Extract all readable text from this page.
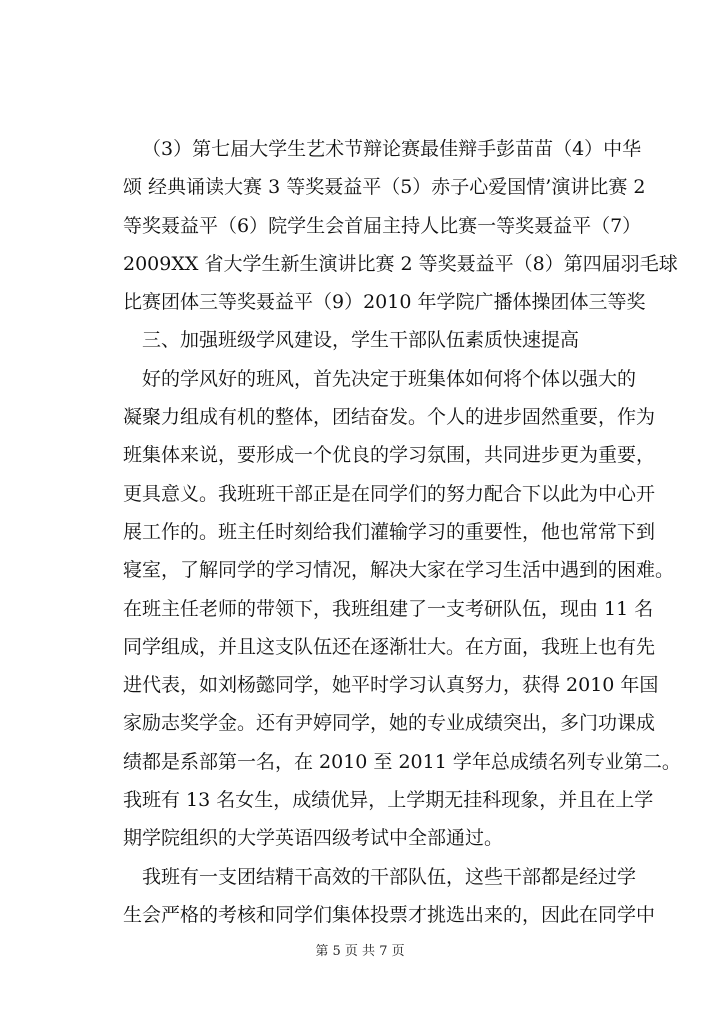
（3）第七届大学生艺术节辩论赛最佳辩手彭苗苗（4）中华
颂 经典诵读大赛 3 等奖聂益平（5）赤子心爱国情’演讲比赛 2
等奖聂益平（6）院学生会首届主持人比赛一等奖聂益平（7）
2009XX 省大学生新生演讲比赛 2 等奖聂益平（8）第四届羽毛球
比赛团体三等奖聂益平（9）2010 年学院广播体操团体三等奖
三、加强班级学风建设，学生干部队伍素质快速提高
好的学风好的班风，首先决定于班集体如何将个体以强大的
凝聚力组成有机的整体，团结奋发。个人的进步固然重要，作为
班集体来说，要形成一个优良的学习氛围，共同进步更为重要，
更具意义。我班班干部正是在同学们的努力配合下以此为中心开
展工作的。班主任时刻给我们灌输学习的重要性，他也常常下到
寝室，了解同学的学习情况，解决大家在学习生活中遇到的困难。
在班主任老师的带领下，我班组建了一支考研队伍，现由 11 名
同学组成，并且这支队伍还在逐渐壮大。在方面，我班上也有先
进代表，如刘杨懿同学，她平时学习认真努力，获得 2010 年国
家励志奖学金。还有尹婷同学，她的专业成绩突出，多门功课成
绩都是系部第一名，在 2010 至 2011 学年总成绩名列专业第二。
我班有 13 名女生，成绩优异，上学期无挂科现象，并且在上学
期学院组织的大学英语四级考试中全部通过。
我班有一支团结精干高效的干部队伍，这些干部都是经过学
生会严格的考核和同学们集体投票才挑选出来的，因此在同学中
第 5 页 共 7 页
